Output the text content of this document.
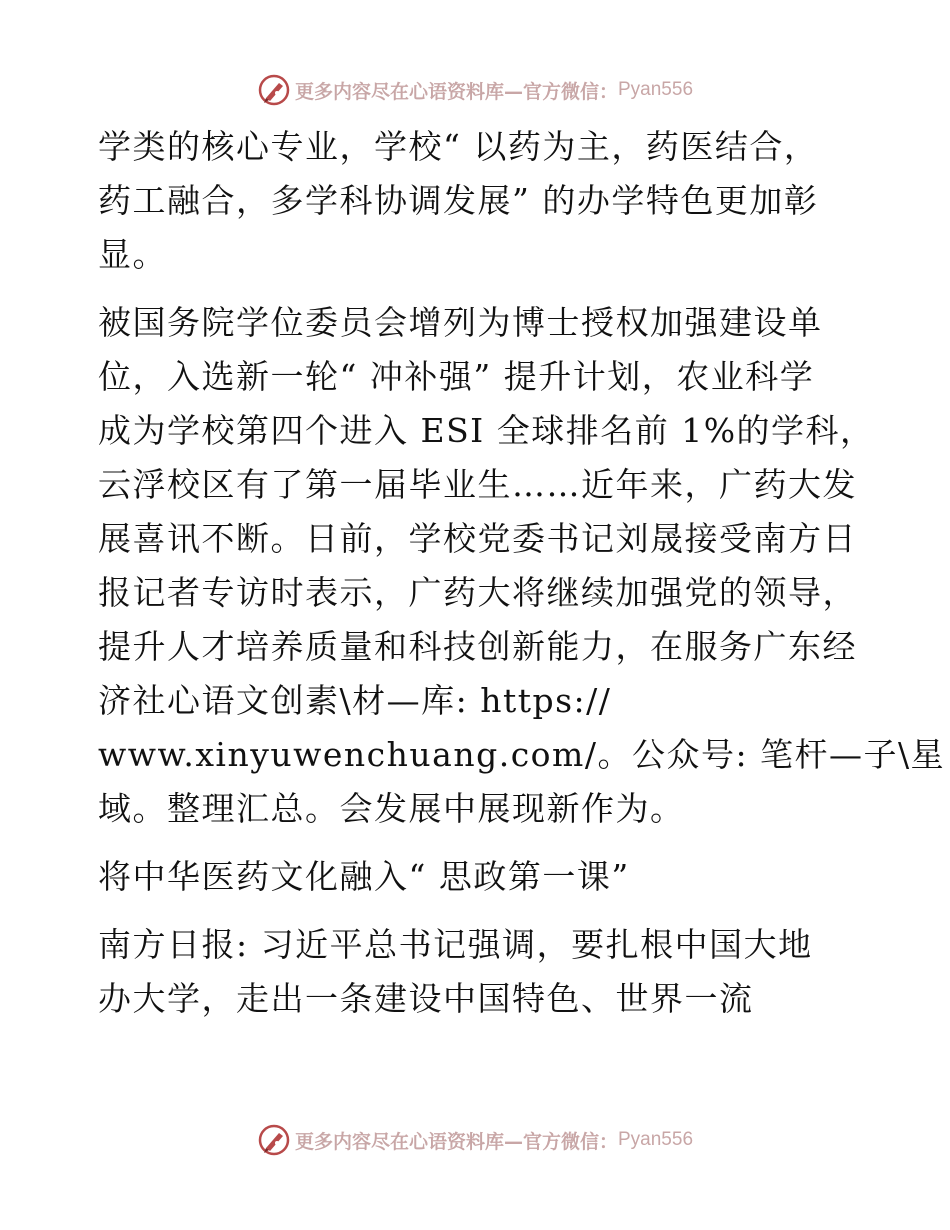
更多内容尽在心语资料库—官方微信： Pyan556

学类的核心专业，学校“ 以药为主，药医结合，
药工融合，多学科协调发展” 的办学特色更加彰
显。

被国务院学位委员会增列为博士授权加强建设单
位，入选新一轮“ 冲补强” 提升计划，农业科学
成为学校第四个进入 ESI 全球排名前 1%的学科，
云浮校区有了第一届毕业生……近年来，广药大发
展喜讯不断。日前，学校党委书记刘晟接受南方日
报记者专访时表示，广药大将继续加强党的领导，
提升人才培养质量和科技创新能力，在服务广东经
济社心语文创素\材—库: https://
www.xinyuwenchuang.com/。公众号: 笔杆—子\星
域。整理汇总。会发展中展现新作为。

将中华医药文化融入“ 思政第一课”

南方日报: 习近平总书记强调，要扎根中国大地
办大学，走出一条建设中国特色、世界一流

更多内容尽在心语资料库—官方微信： Pyan556
